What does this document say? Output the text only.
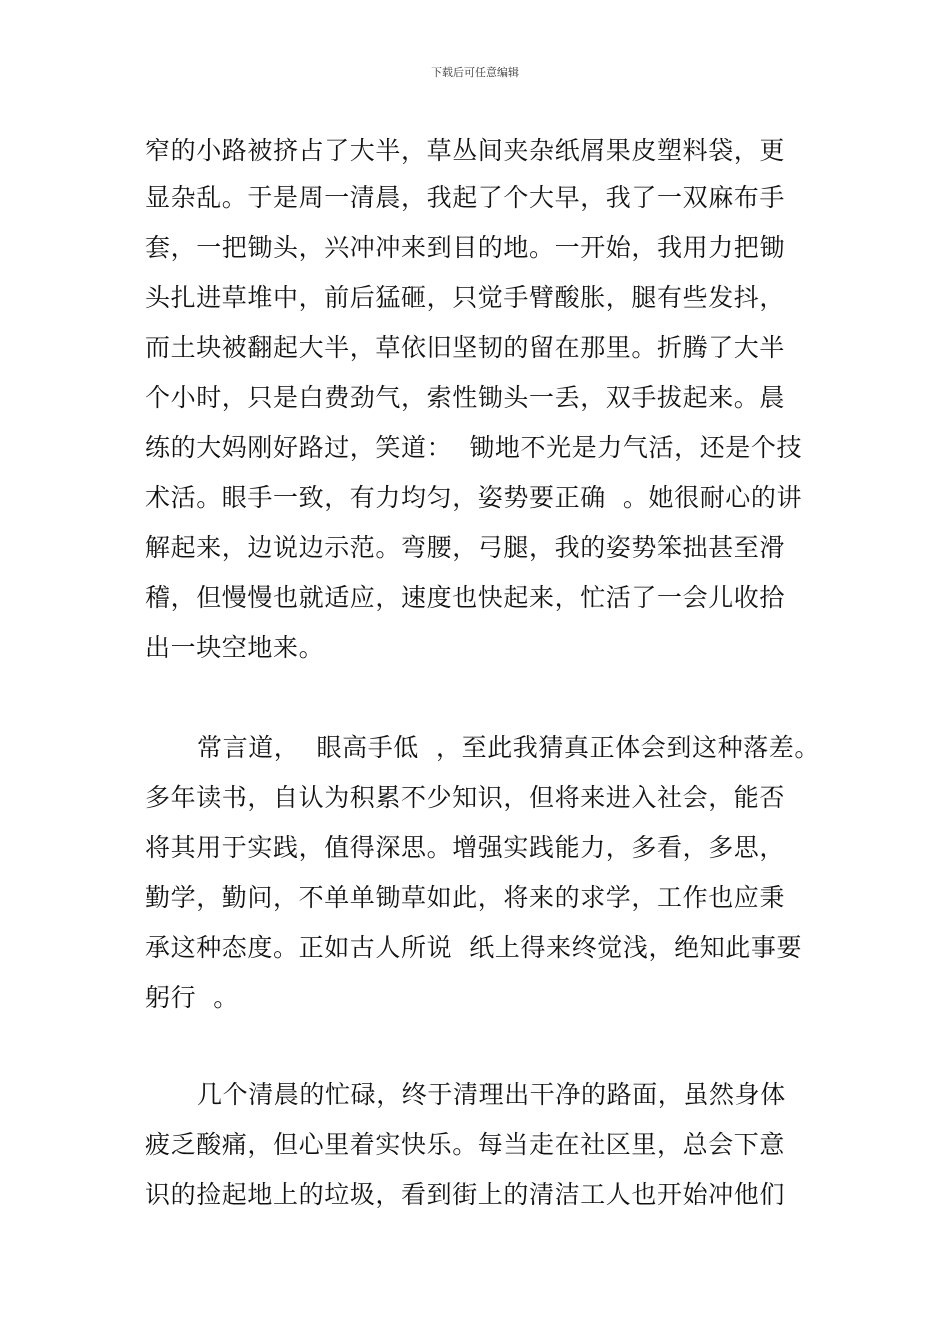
下载后可任意编辑
窄的小路被挤占了大半，草丛间夹杂纸屑果皮塑料袋，更
显杂乱。于是周一清晨，我起了个大早，我了一双麻布手
套，一把锄头，兴冲冲来到目的地。一开始，我用力把锄
头扎进草堆中，前后猛砸，只觉手臂酸胀，腿有些发抖，
而土块被翻起大半，草依旧坚韧的留在那里。折腾了大半
个小时，只是白费劲气，索性锄头一丢，双手拔起来。晨
练的大妈刚好路过，笑道：  锄地不光是力气活，还是个技
术活。眼手一致，有力均匀，姿势要正确  。她很耐心的讲
解起来，边说边示范。弯腰，弓腿，我的姿势笨拙甚至滑
稽，但慢慢也就适应，速度也快起来，忙活了一会儿收拾
出一块空地来。
常言道，  眼高手低  ，至此我猜真正体会到这种落差。
多年读书，自认为积累不少知识，但将来进入社会，能否
将其用于实践，值得深思。增强实践能力，多看，多思，
勤学，勤问，不单单锄草如此，将来的求学，工作也应秉
承这种态度。正如古人所说  纸上得来终觉浅，绝知此事要
躬行  。
几个清晨的忙碌，终于清理出干净的路面，虽然身体
疲乏酸痛，但心里着实快乐。每当走在社区里，总会下意
识的捡起地上的垃圾，看到街上的清洁工人也开始冲他们
